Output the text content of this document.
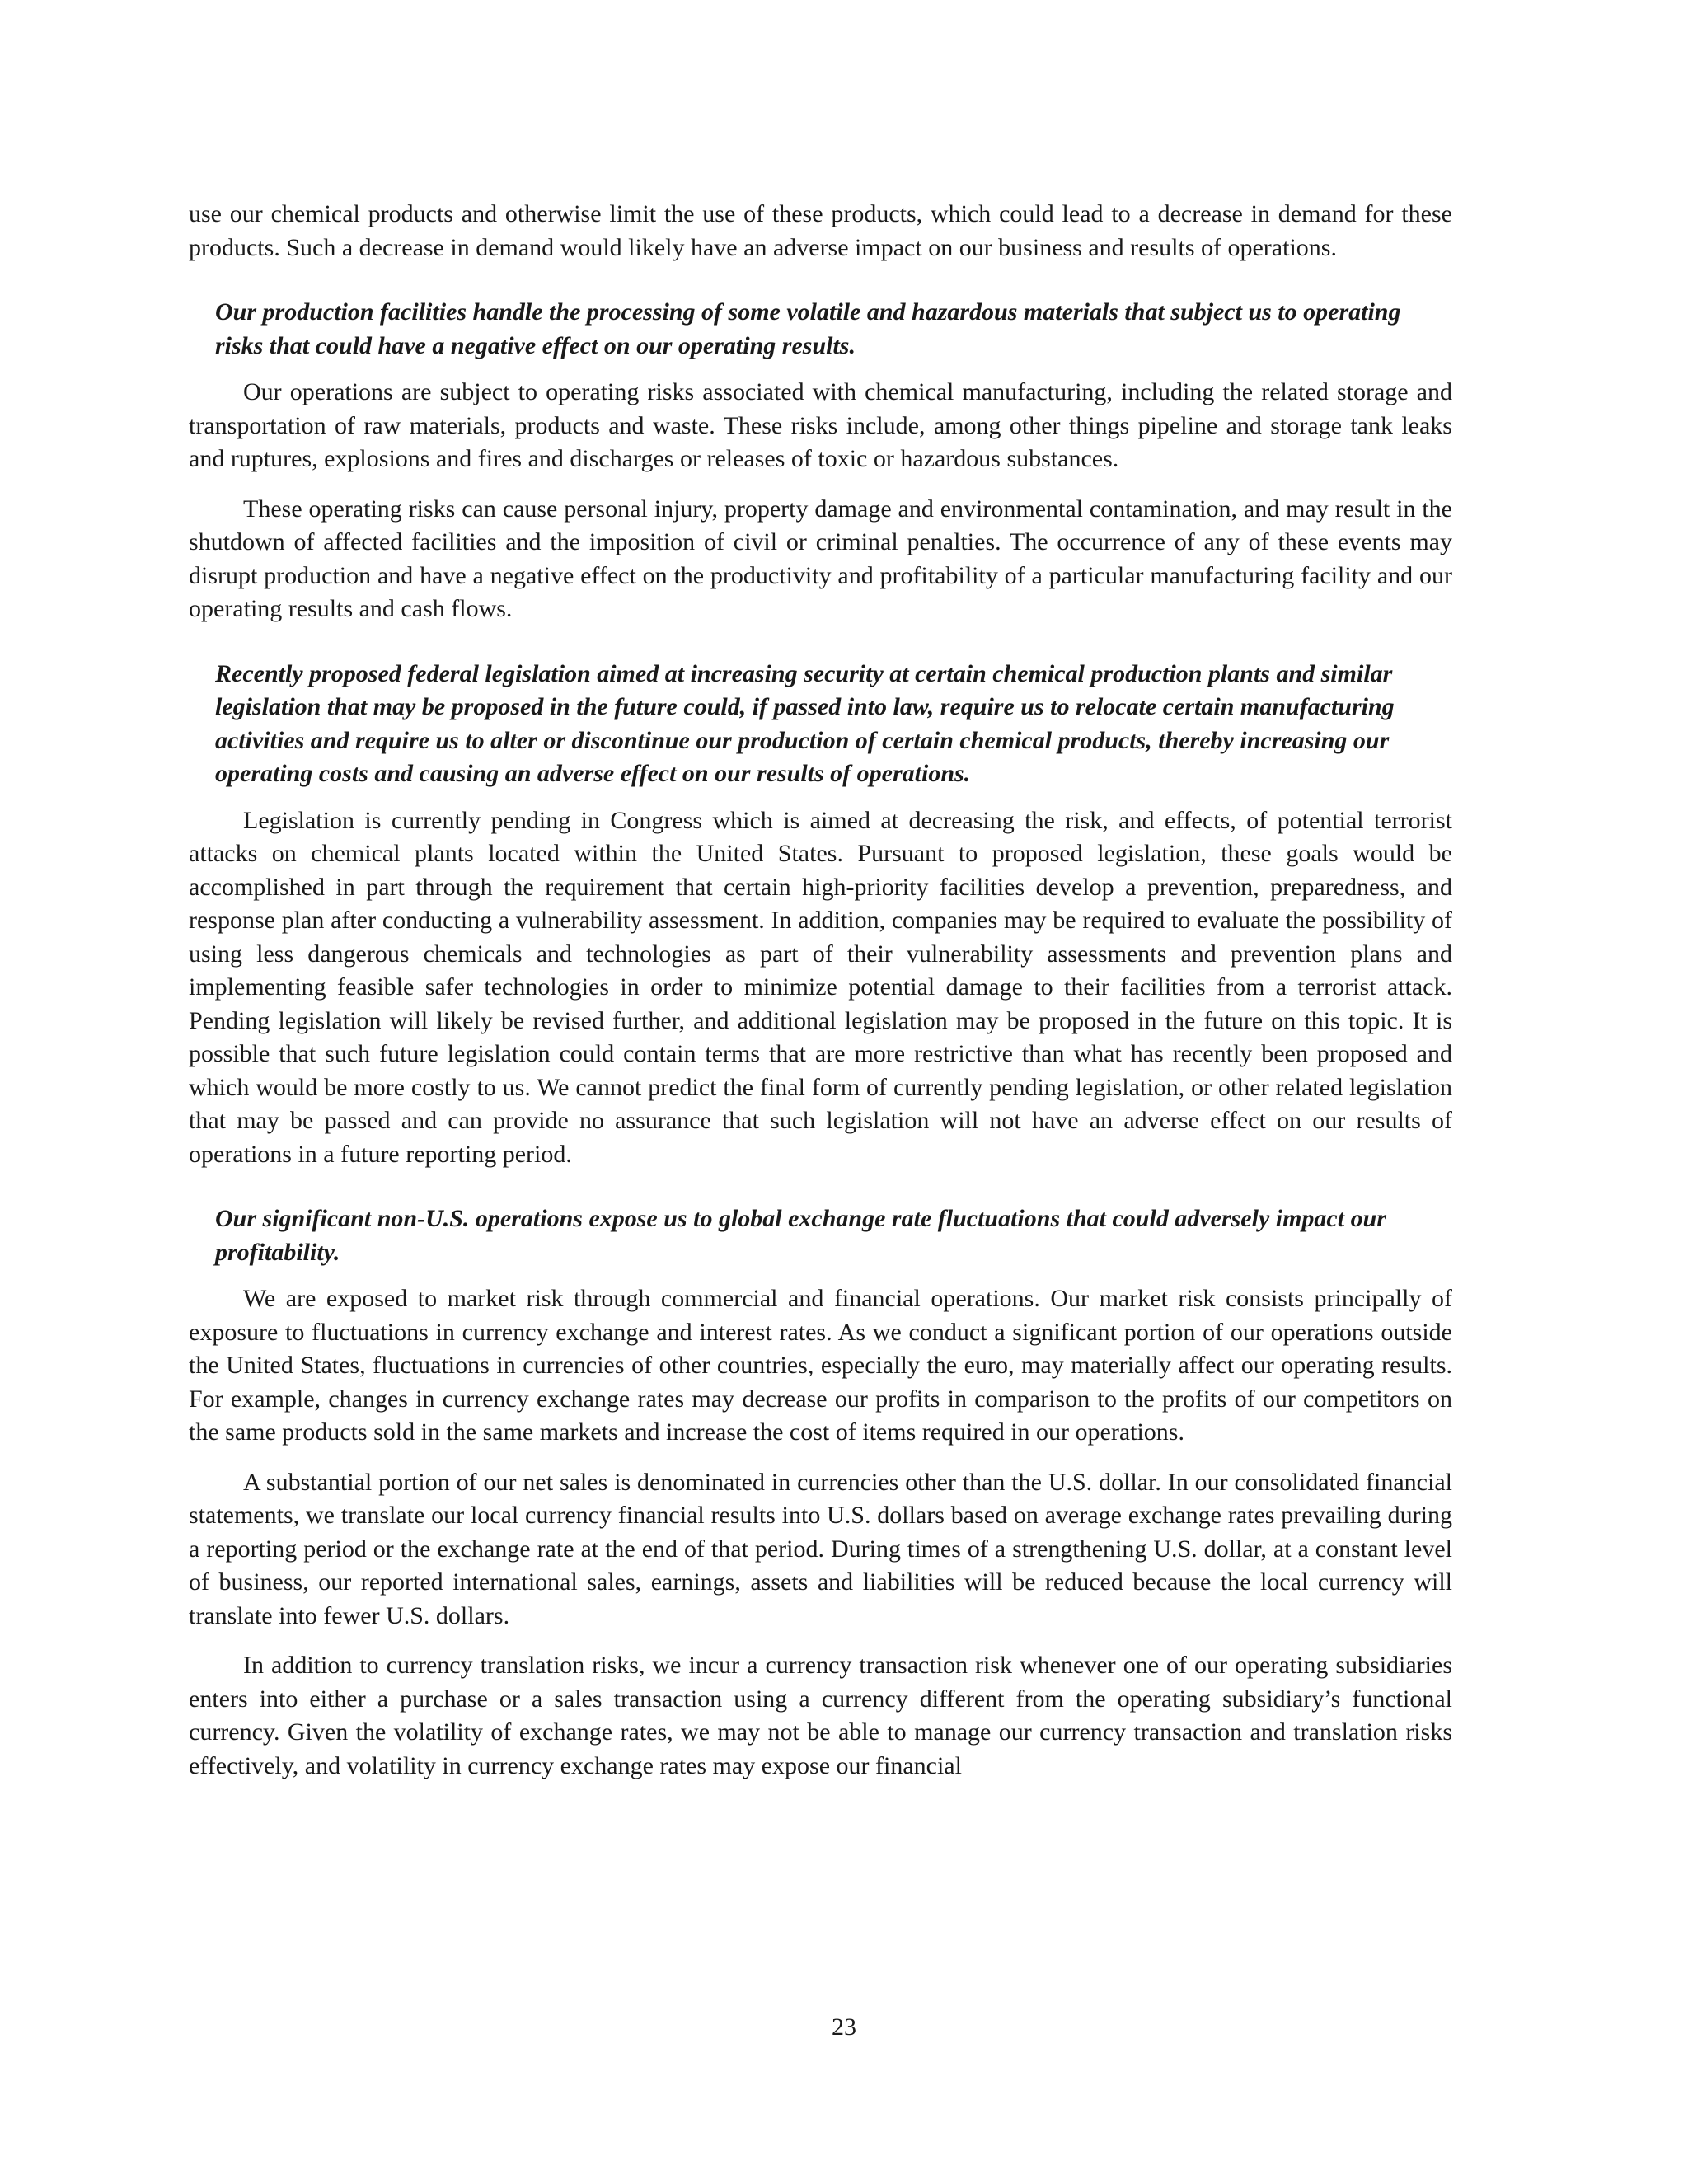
use our chemical products and otherwise limit the use of these products, which could lead to a decrease in demand for these products. Such a decrease in demand would likely have an adverse impact on our business and results of operations.

Our production facilities handle the processing of some volatile and hazardous materials that subject us to operating risks that could have a negative effect on our operating results.

Our operations are subject to operating risks associated with chemical manufacturing, including the related storage and transportation of raw materials, products and waste. These risks include, among other things pipeline and storage tank leaks and ruptures, explosions and fires and discharges or releases of toxic or hazardous substances.

These operating risks can cause personal injury, property damage and environmental contamination, and may result in the shutdown of affected facilities and the imposition of civil or criminal penalties. The occurrence of any of these events may disrupt production and have a negative effect on the productivity and profitability of a particular manufacturing facility and our operating results and cash flows.

Recently proposed federal legislation aimed at increasing security at certain chemical production plants and similar legislation that may be proposed in the future could, if passed into law, require us to relocate certain manufacturing activities and require us to alter or discontinue our production of certain chemical products, thereby increasing our operating costs and causing an adverse effect on our results of operations.

Legislation is currently pending in Congress which is aimed at decreasing the risk, and effects, of potential terrorist attacks on chemical plants located within the United States. Pursuant to proposed legislation, these goals would be accomplished in part through the requirement that certain high-priority facilities develop a prevention, preparedness, and response plan after conducting a vulnerability assessment. In addition, companies may be required to evaluate the possibility of using less dangerous chemicals and technologies as part of their vulnerability assessments and prevention plans and implementing feasible safer technologies in order to minimize potential damage to their facilities from a terrorist attack. Pending legislation will likely be revised further, and additional legislation may be proposed in the future on this topic. It is possible that such future legislation could contain terms that are more restrictive than what has recently been proposed and which would be more costly to us. We cannot predict the final form of currently pending legislation, or other related legislation that may be passed and can provide no assurance that such legislation will not have an adverse effect on our results of operations in a future reporting period.

Our significant non-U.S. operations expose us to global exchange rate fluctuations that could adversely impact our profitability.

We are exposed to market risk through commercial and financial operations. Our market risk consists principally of exposure to fluctuations in currency exchange and interest rates. As we conduct a significant portion of our operations outside the United States, fluctuations in currencies of other countries, especially the euro, may materially affect our operating results. For example, changes in currency exchange rates may decrease our profits in comparison to the profits of our competitors on the same products sold in the same markets and increase the cost of items required in our operations.

A substantial portion of our net sales is denominated in currencies other than the U.S. dollar. In our consolidated financial statements, we translate our local currency financial results into U.S. dollars based on average exchange rates prevailing during a reporting period or the exchange rate at the end of that period. During times of a strengthening U.S. dollar, at a constant level of business, our reported international sales, earnings, assets and liabilities will be reduced because the local currency will translate into fewer U.S. dollars.

In addition to currency translation risks, we incur a currency transaction risk whenever one of our operating subsidiaries enters into either a purchase or a sales transaction using a currency different from the operating subsidiary’s functional currency. Given the volatility of exchange rates, we may not be able to manage our currency transaction and translation risks effectively, and volatility in currency exchange rates may expose our financial

23
